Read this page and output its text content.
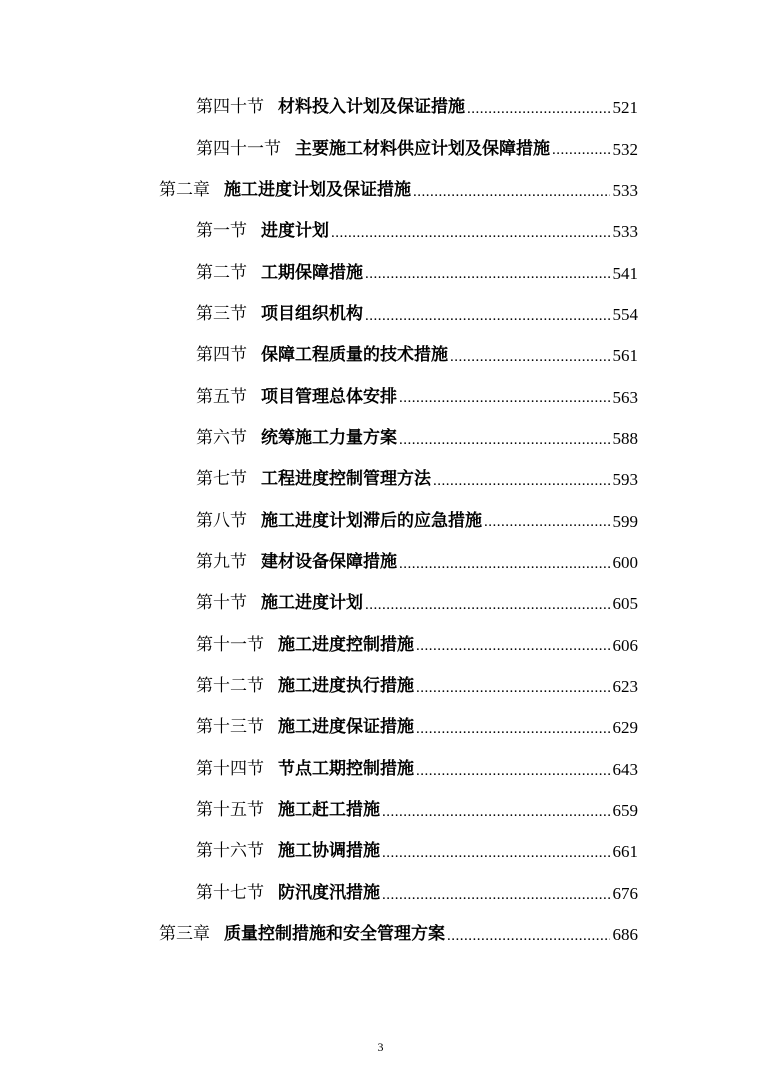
第四十节 材料投入计划及保证措施 .....	521
第四十一节 主要施工材料供应计划及保障措施 .....	532
第二章 施工进度计划及保证措施 .....	533
第一节 进度计划 .....	533
第二节 工期保障措施 .....	541
第三节 项目组织机构 .....	554
第四节 保障工程质量的技术措施 .....	561
第五节 项目管理总体安排 .....	563
第六节 统筹施工力量方案 .....	588
第七节 工程进度控制管理方法 .....	593
第八节 施工进度计划滞后的应急措施 .....	599
第九节 建材设备保障措施 .....	600
第十节 施工进度计划 .....	605
第十一节 施工进度控制措施 .....	606
第十二节 施工进度执行措施 .....	623
第十三节 施工进度保证措施 .....	629
第十四节 节点工期控制措施 .....	643
第十五节 施工赶工措施 .....	659
第十六节 施工协调措施 .....	661
第十七节 防汛度汛措施 .....	676
第三章 质量控制措施和安全管理方案 .....	686
3
